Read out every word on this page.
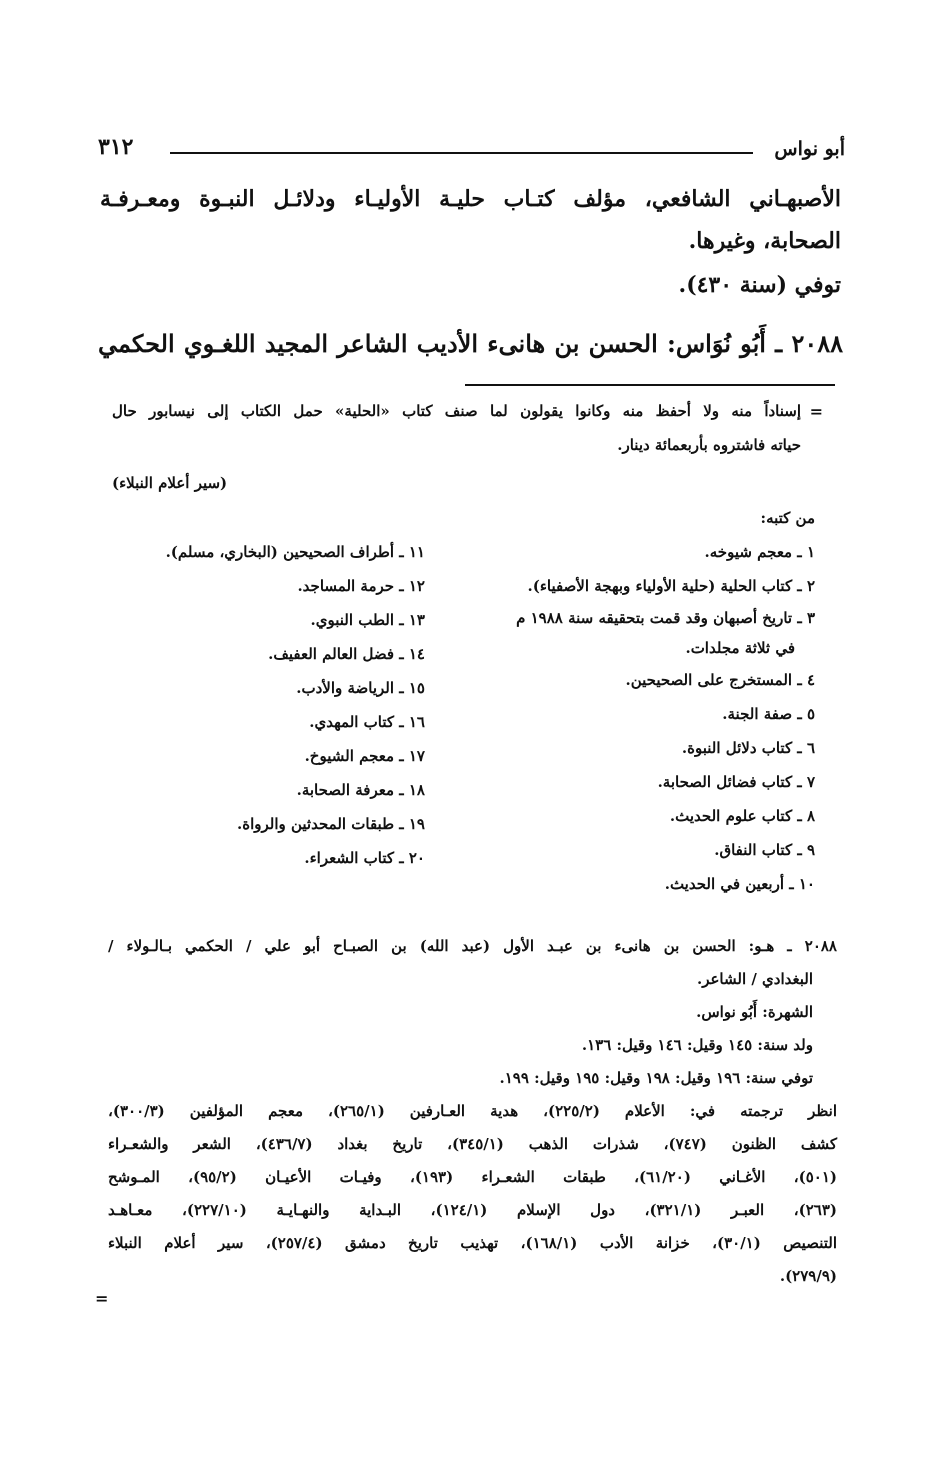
أبو نواس
٣١٢
الأصبهـاني الشافعي، مؤلف كتـاب حليـة الأوليـاء ودلائـل النبـوة ومعـرفـة
الصحابة، وغيرها.
توفي (سنة ٤٣٠).
٢٠٨٨ ـ أَبُو نُوَاس: الحسن بن هانىء الأديب الشاعر المجيد اللغـوي الحكمي
=
إسناداً منه ولا أحفظ منه وكانوا يقولون لما صنف كتاب «الحلية» حمل الكتاب إلى نيسابور حال
حياته فاشتروه بأربعمائة دينار.
(سير أعلام النبلاء)
من كتبه:
١ ـ معجم شيوخه.
٢ ـ كتاب الحلية (حلية الأولياء وبهجة الأصفياء).
٣ ـ تاريخ أصبهان وقد قمت بتحقيقه سنة ١٩٨٨ م
في ثلاثة مجلدات.
٤ ـ المستخرج على الصحيحين.
٥ ـ صفة الجنة.
٦ ـ كتاب دلائل النبوة.
٧ ـ كتاب فضائل الصحابة.
٨ ـ كتاب علوم الحديث.
٩ ـ كتاب النفاق.
١٠ ـ أربعين في الحديث.
١١ ـ أطراف الصحيحين (البخاري، مسلم).
١٢ ـ حرمة المساجد.
١٣ ـ الطب النبوي.
١٤ ـ فضل العالم العفيف.
١٥ ـ الرياضة والأدب.
١٦ ـ كتاب المهدي.
١٧ ـ معجم الشيوخ.
١٨ ـ معرفة الصحابة.
١٩ ـ طبقات المحدثين والرواة.
٢٠ ـ كتاب الشعراء.
٢٠٨٨ ـ هـو: الحسن بن هانىء بن عبـد الأول (عبد الله) بن الصبـاح أبو علي / الحكمي بـالـولاء /
البغدادي / الشاعر.
الشهرة: أَبُو نواس.
ولد سنة: ١٤٥ وقيل: ١٤٦ وقيل: ١٣٦.
توفي سنة: ١٩٦ وقيل: ١٩٨ وقيل: ١٩٥ وقيل: ١٩٩.
انظر ترجمته في: الأعلام (٢٢٥/٢)، هدية العـارفين (٢٦٥/١)، معجم المؤلفين (٣٠٠/٣)،
كشف الظنون (٧٤٧)، شذرات الذهب (٣٤٥/١)، تاريخ بغداد (٤٣٦/٧)، الشعر والشعـراء
(٥٠١)، الأغـاني (٦١/٢٠)، طبقات الشعـراء (١٩٣)، وفيـات الأعيـان (٩٥/٢)، المـوشح
(٢٦٣)، العبـر (٣٢١/١)، دول الإسلام (١٢٤/١)، البـداية والنهـايـة (٢٢٧/١٠)، معـاهـد
التنصيص (٣٠/١)، خزانة الأدب (١٦٨/١)، تهذيب تاريخ دمشق (٢٥٧/٤)، سير أعلام النبلاء
(٢٧٩/٩).
=
